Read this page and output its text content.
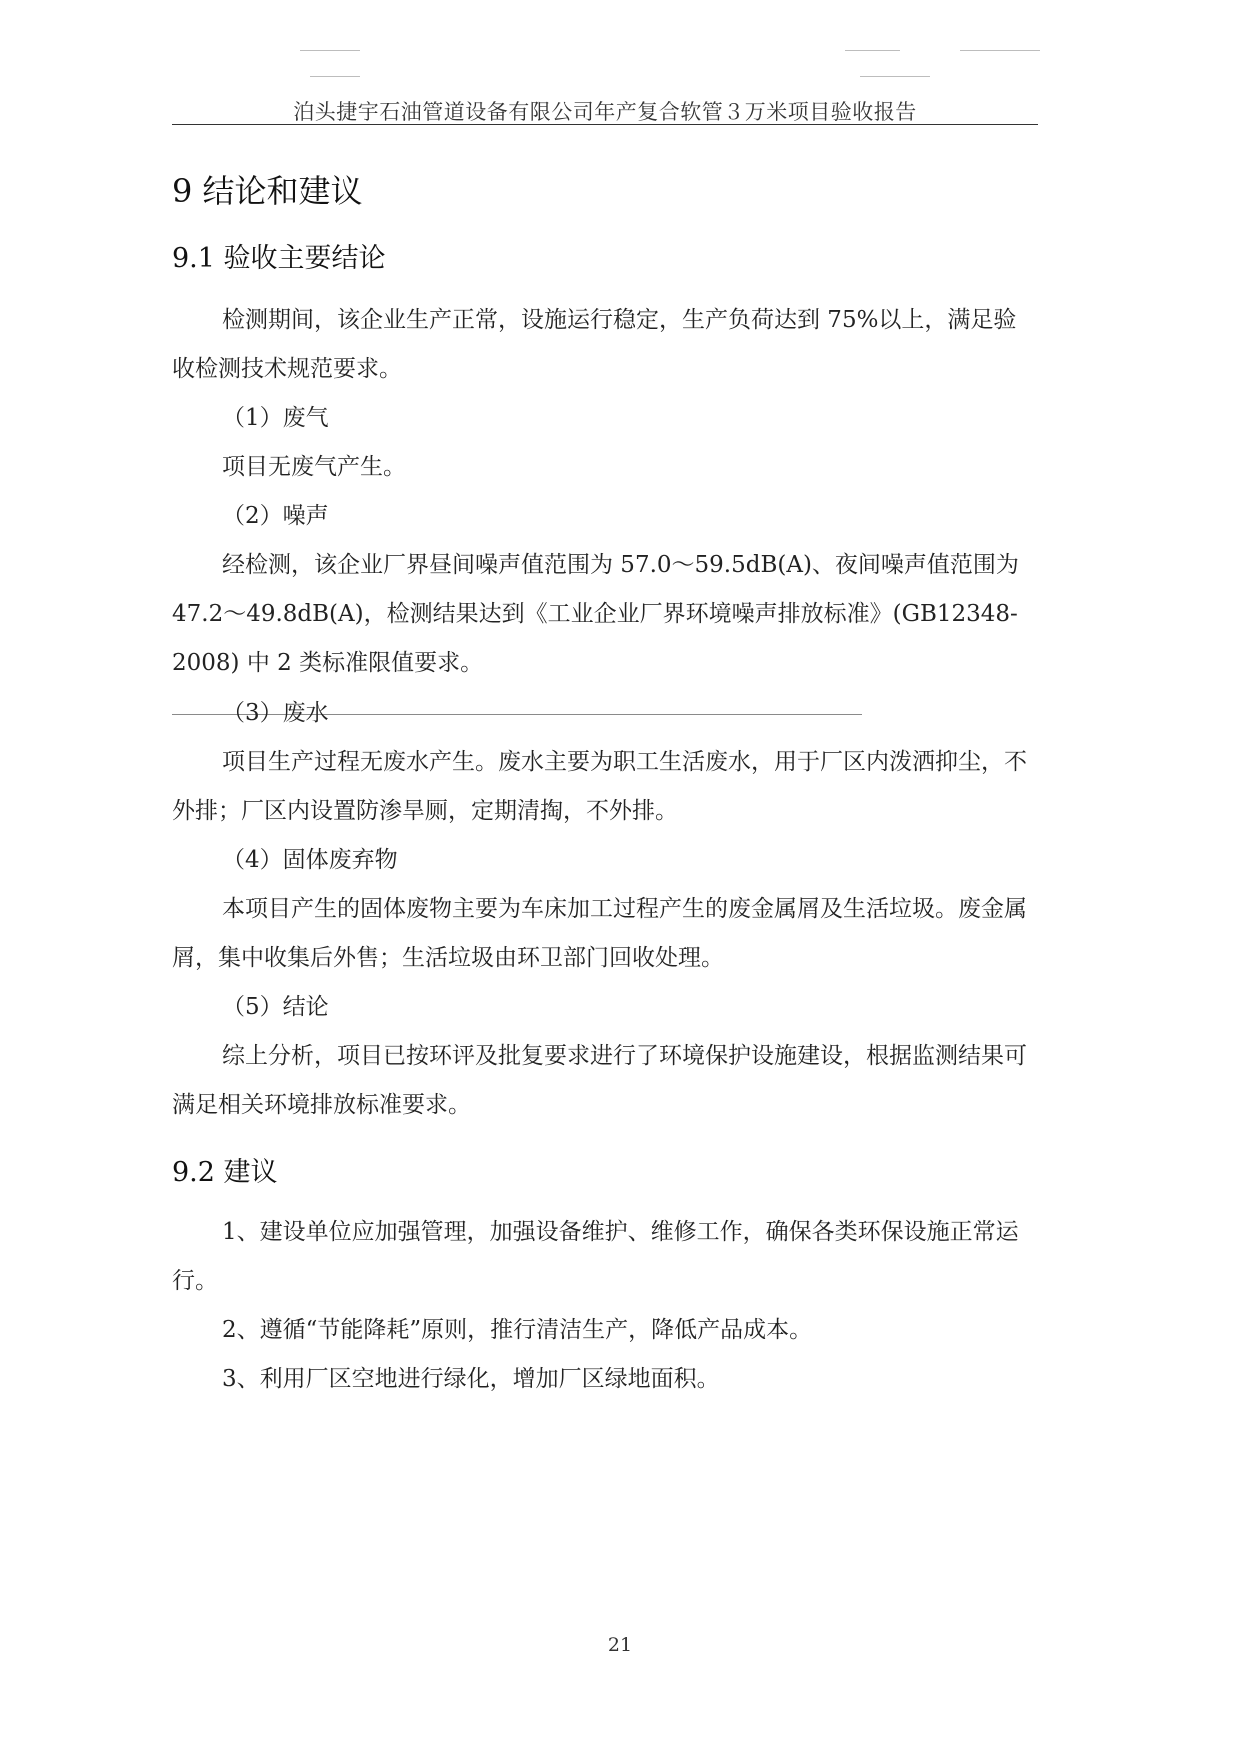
泊头捷宇石油管道设备有限公司年产复合软管３万米项目验收报告
9 结论和建议
9.1 验收主要结论

检测期间，该企业生产正常，设施运行稳定，生产负荷达到 75%以上，满足验收检测技术规范要求。

（1）废气

项目无废气产生。

（2）噪声

经检测，该企业厂界昼间噪声值范围为 57.0～59.5dB(A)、夜间噪声值范围为 47.2～49.8dB(A)，检测结果达到《工业企业厂界环境噪声排放标准》(GB12348-2008) 中 2 类标准限值要求。

（3）废水

项目生产过程无废水产生。废水主要为职工生活废水，用于厂区内泼洒抑尘，不外排；厂区内设置防渗旱厕，定期清掏，不外排。

（4）固体废弃物

本项目产生的固体废物主要为车床加工过程产生的废金属屑及生活垃圾。废金属屑，集中收集后外售；生活垃圾由环卫部门回收处理。

（5）结论

综上分析，项目已按环评及批复要求进行了环境保护设施建设，根据监测结果可满足相关环境排放标准要求。

9.2 建议

1、建设单位应加强管理，加强设备维护、维修工作，确保各类环保设施正常运行。

2、遵循“节能降耗”原则，推行清洁生产，降低产品成本。

3、利用厂区空地进行绿化，增加厂区绿地面积。

21
